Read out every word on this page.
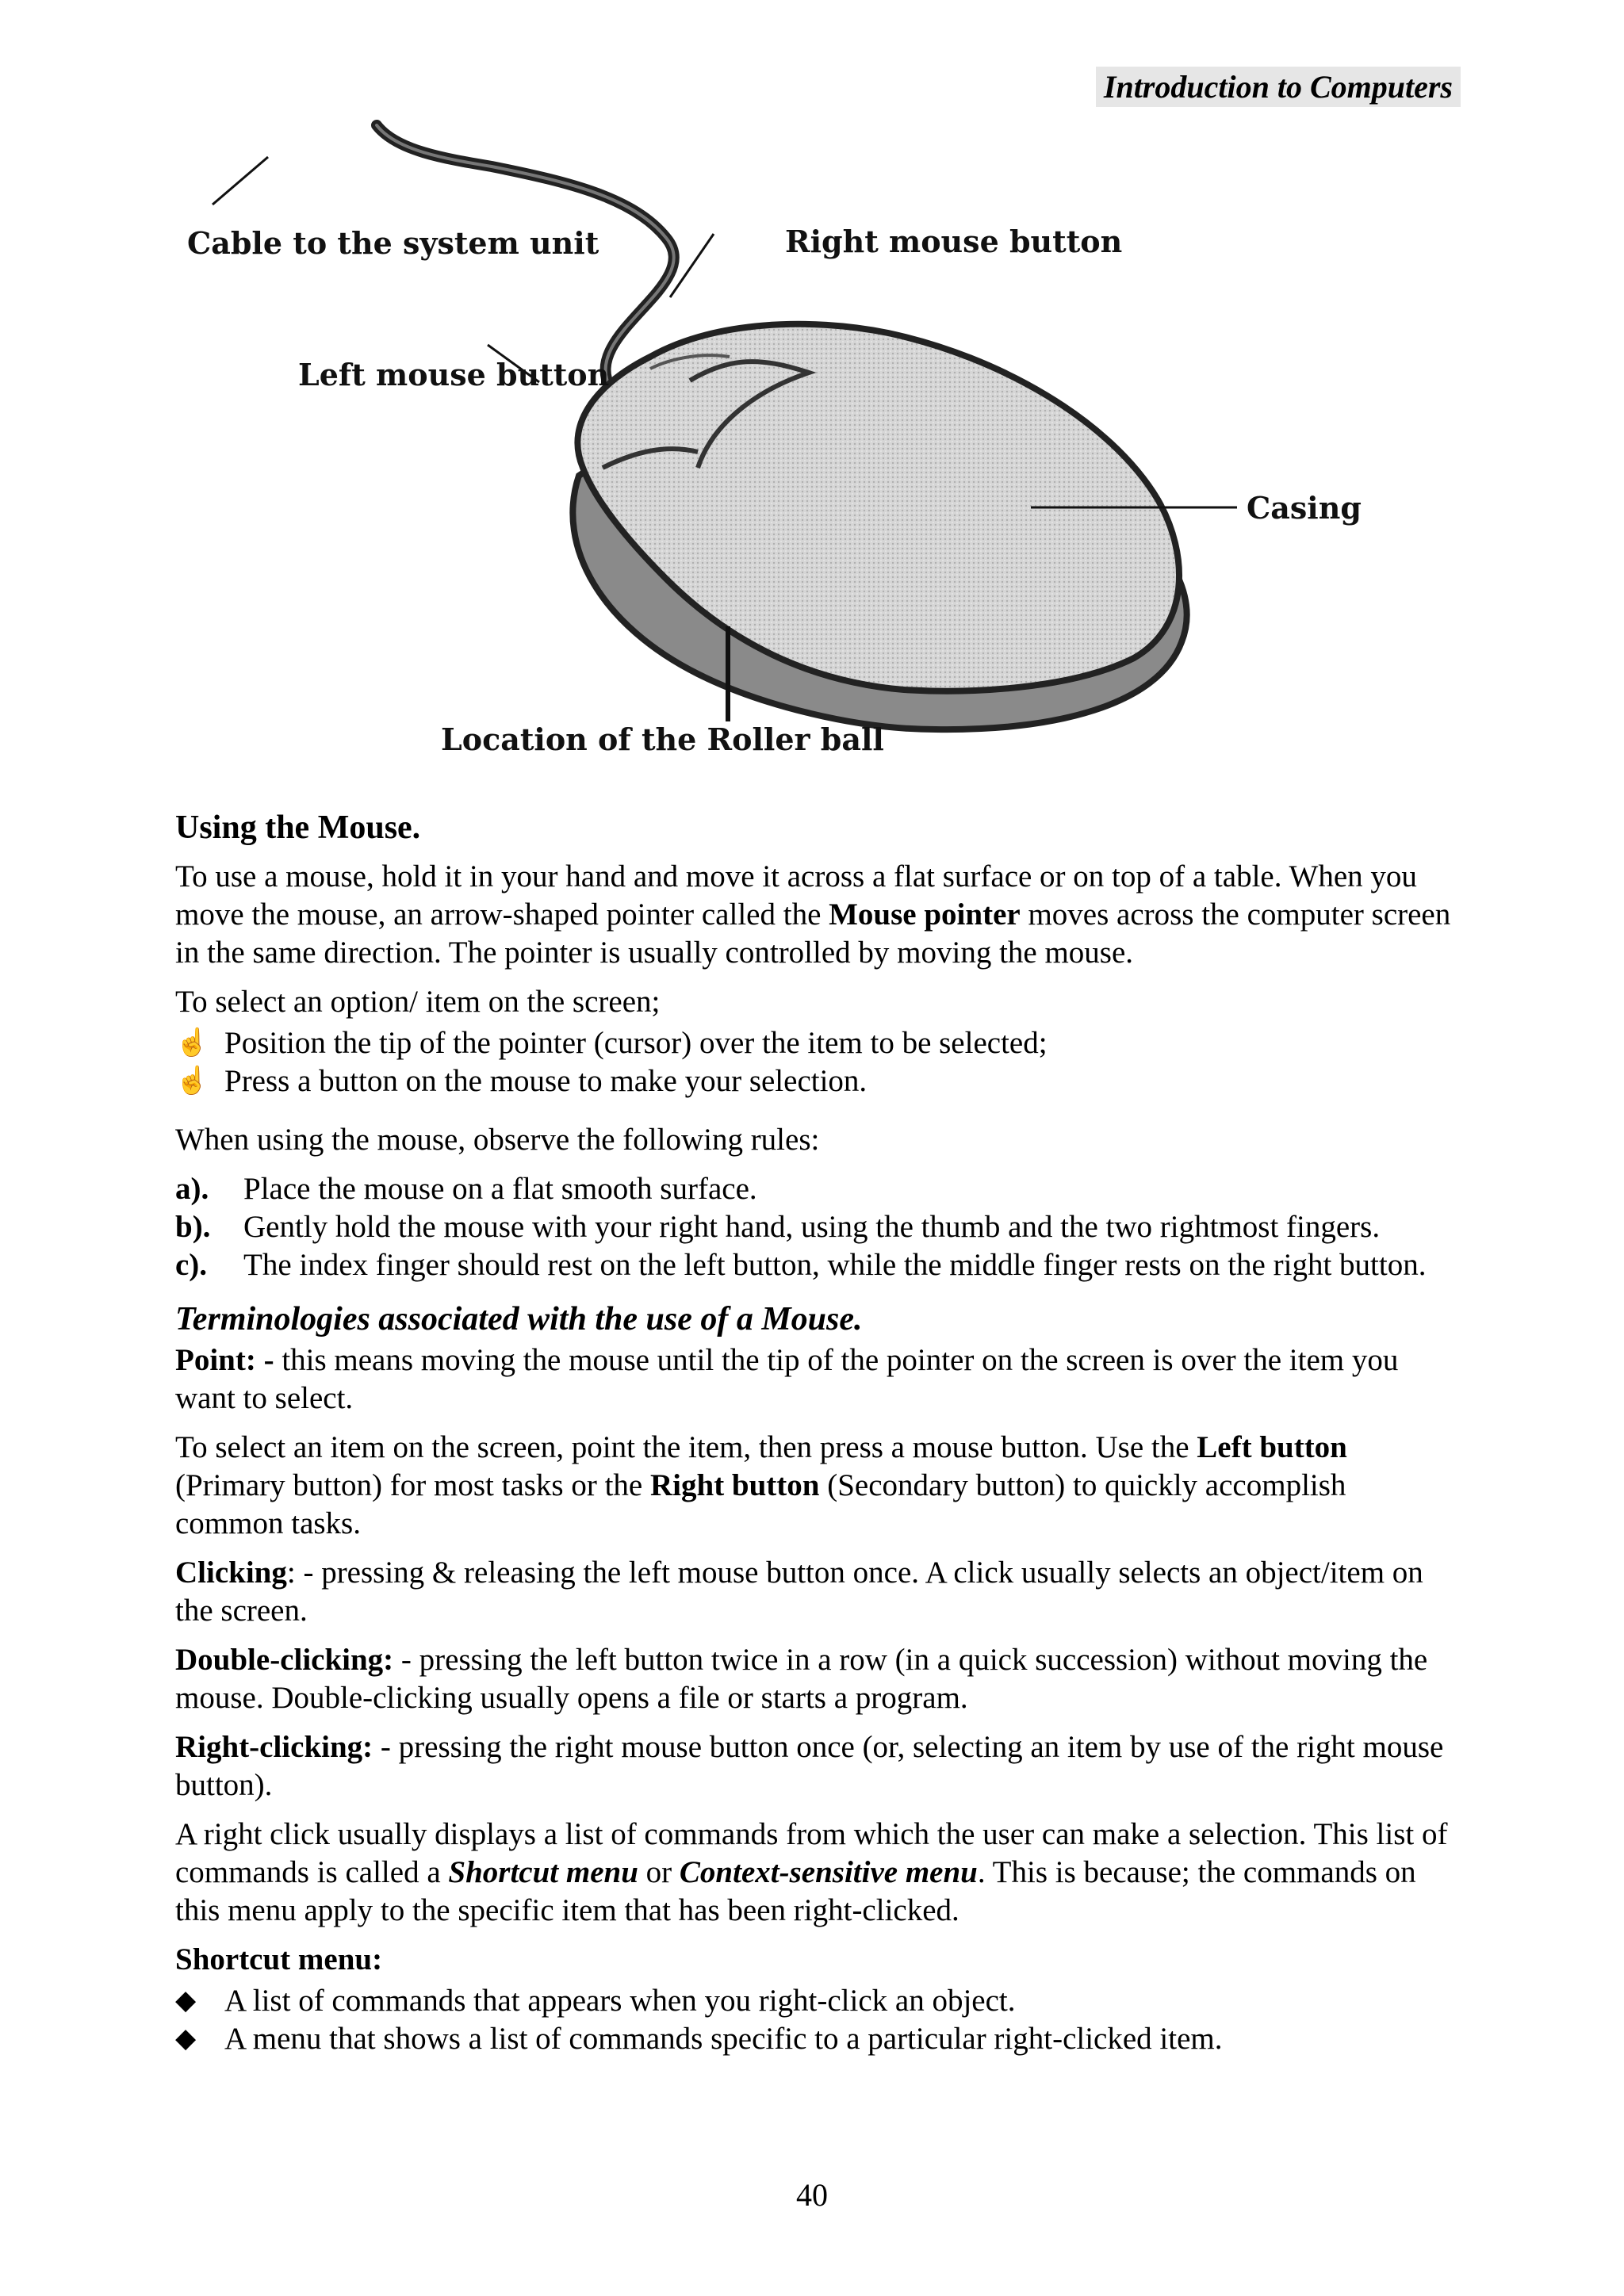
Introduction to Computers
Cable to the system unit	Right mouse button
Left mouse button
Casing
Location of the Roller ball
Using the Mouse.

To use a mouse, hold it in your hand and move it across a flat surface or on top of a table. When you move the mouse, an arrow-shaped pointer called the Mouse pointer moves across the computer screen in the same direction. The pointer is usually controlled by moving the mouse.

To select an option/ item on the screen;

☝ Position the tip of the pointer (cursor) over the item to be selected;
☝ Press a button on the mouse to make your selection.

When using the mouse, observe the following rules:

a). Place the mouse on a flat smooth surface.
b). Gently hold the mouse with your right hand, using the thumb and the two rightmost fingers.
c). The index finger should rest on the left button, while the middle finger rests on the right button.
Terminologies associated with the use of a Mouse.

Point: - this means moving the mouse until the tip of the pointer on the screen is over the item you want to select.

To select an item on the screen, point the item, then press a mouse button. Use the Left button (Primary button) for most tasks or the Right button (Secondary button) to quickly accomplish common tasks.

Clicking: - pressing & releasing the left mouse button once. A click usually selects an object/item on the screen.

Double-clicking: - pressing the left button twice in a row (in a quick succession) without moving the mouse. Double-clicking usually opens a file or starts a program.

Right-clicking: - pressing the right mouse button once (or, selecting an item by use of the right mouse button).

A right click usually displays a list of commands from which the user can make a selection. This list of commands is called a Shortcut menu or Context-sensitive menu. This is because; the commands on this menu apply to the specific item that has been right-clicked.

Shortcut menu:

◆ A list of commands that appears when you right-click an object.
◆ A menu that shows a list of commands specific to a particular right-clicked item.
40
